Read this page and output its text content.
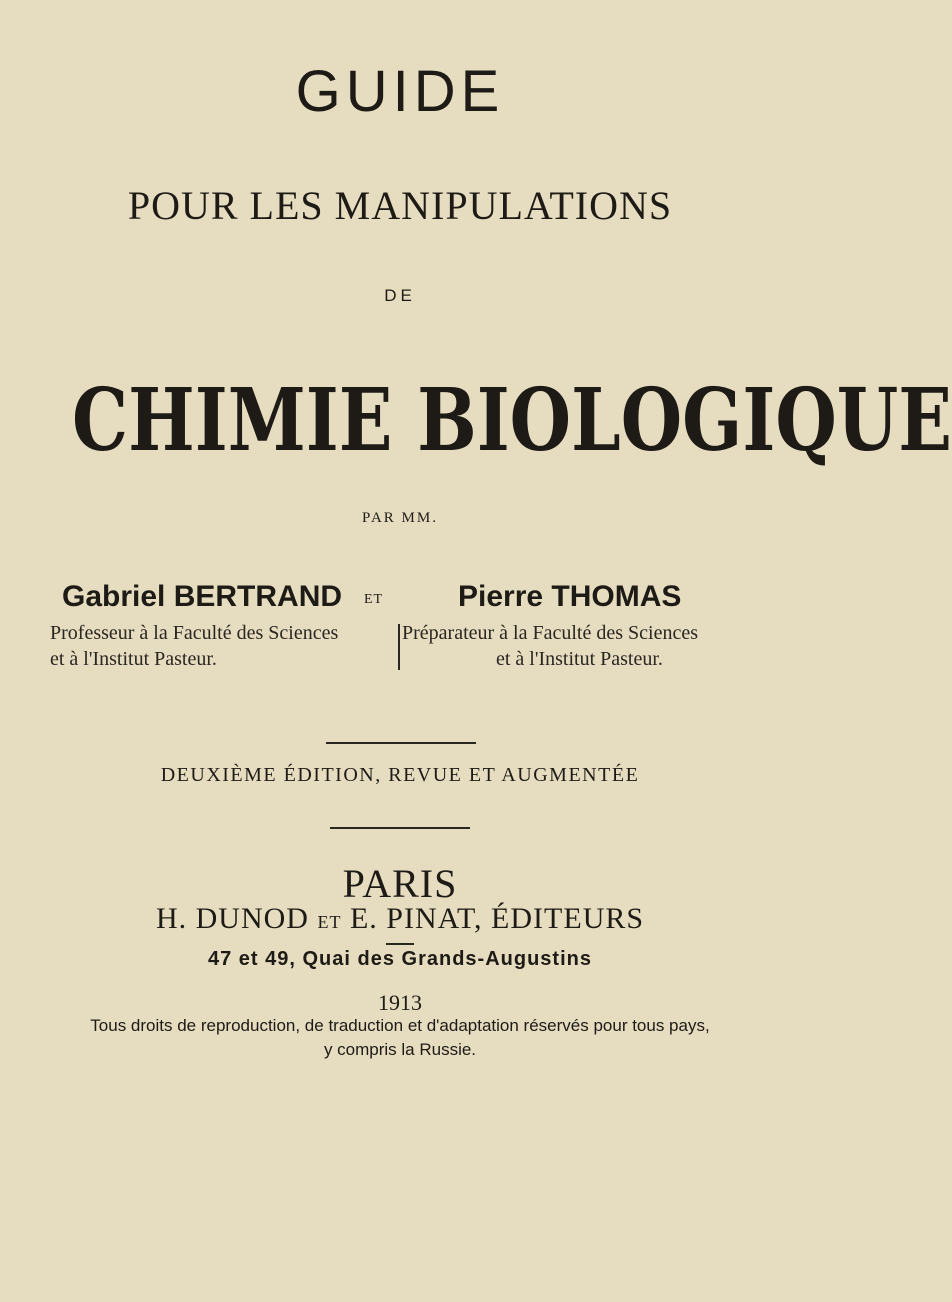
GUIDE
POUR LES MANIPULATIONS
DE
CHIMIE BIOLOGIQUE
PAR MM.
Gabriel BERTRAND ET Pierre THOMAS
Professeur à la Faculté des Sciences
et à l'Institut Pasteur.
Préparateur à la Faculté des Sciences
et à l'Institut Pasteur.
DEUXIÈME ÉDITION, REVUE ET AUGMENTÉE
PARIS
H. DUNOD ET E. PINAT, ÉDITEURS
47 et 49, Quai des Grands-Augustins
1913
Tous droits de reproduction, de traduction et d'adaptation réservés pour tous pays,
y compris la Russie.
